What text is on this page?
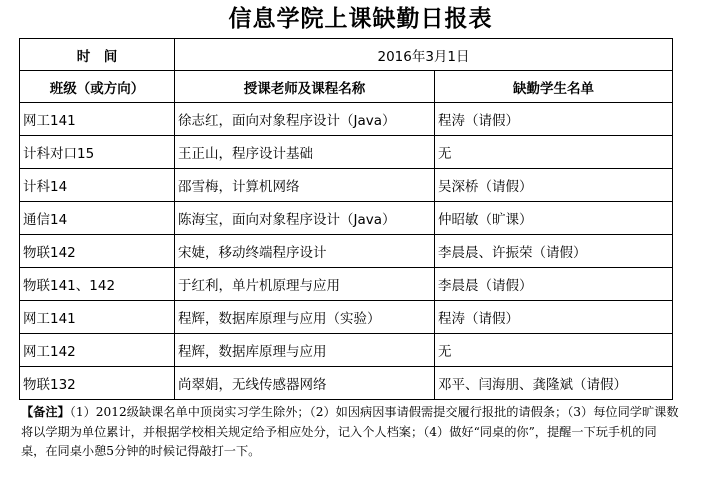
信息学院上课缺勤日报表
时　间	2016年3月1日	
班级（或方向）	授课老师及课程名称	缺勤学生名单
网工141	徐志红，面向对象程序设计（Java）	程涛（请假）
计科对口15	王正山，程序设计基础	无
计科14	邵雪梅，计算机网络	吴深桥（请假）
通信14	陈海宝，面向对象程序设计（Java）	仲昭敏（旷课）
物联142	宋婕，移动终端程序设计	李晨晨、许振荣（请假）
物联141、142	于红利，单片机原理与应用	李晨晨（请假）
网工141	程辉，数据库原理与应用（实验）	程涛（请假）
网工142	程辉，数据库原理与应用	无
物联132	尚翠娟，无线传感器网络	邓平、闫海朋、龚隆斌（请假）
【备注】（1）2012级缺课名单中顶岗实习学生除外；（2）如因病因事请假需提交履行报批的请假条；（3）每位同学旷课数将以学期为单位累计，并根据学校相关规定给予相应处分，记入个人档案；（4）做好“同桌的你”，提醒一下玩手机的同桌，在同桌小憩5分钟的时候记得敲打一下。
